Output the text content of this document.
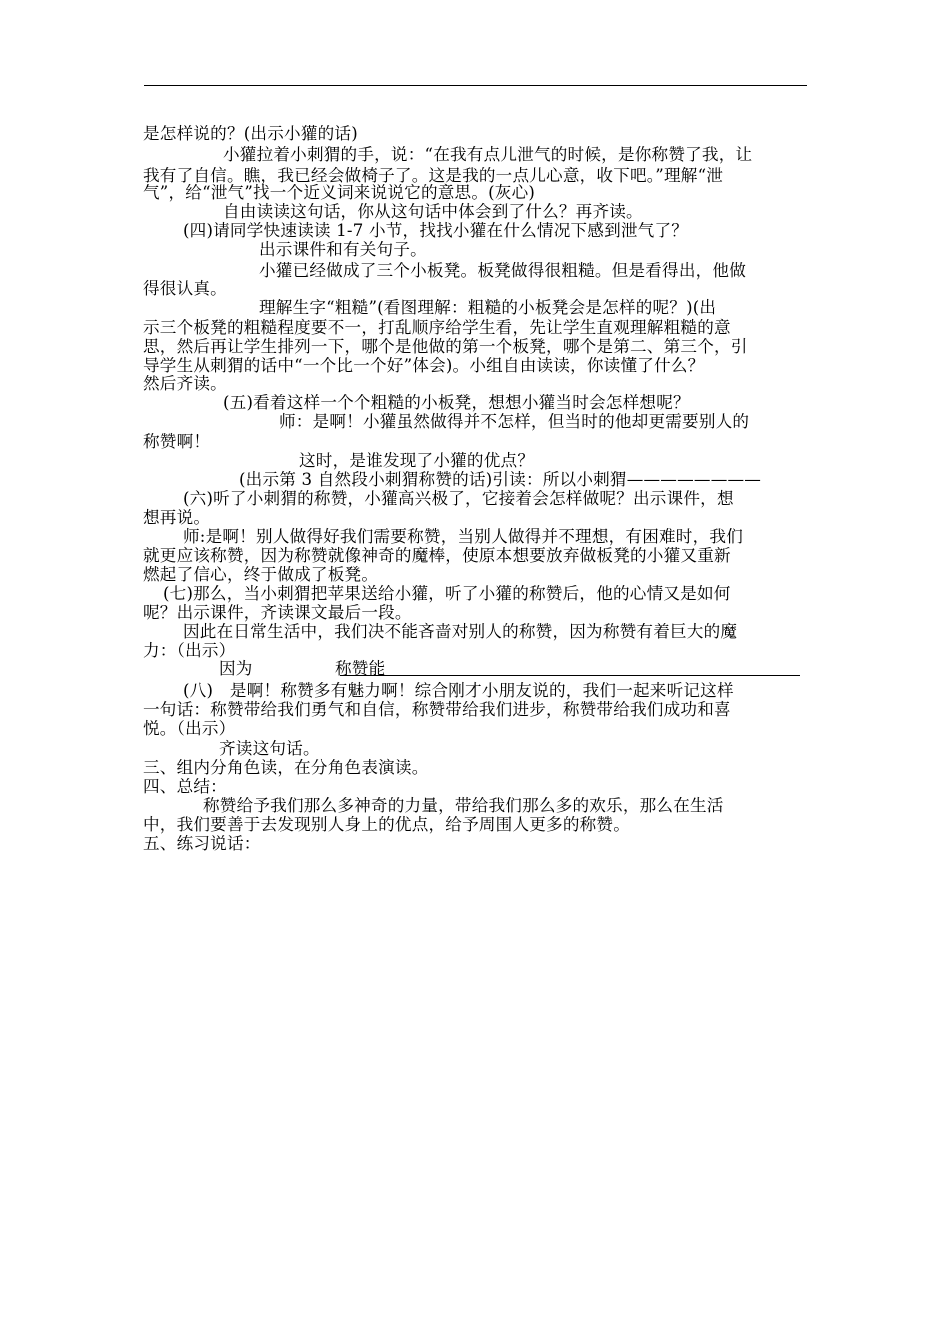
是怎样说的？(出示小獾的话)
小獾拉着小刺猬的手，说：“在我有点儿泄气的时候，是你称赞了我，让
我有了自信。瞧，我已经会做椅子了。这是我的一点儿心意，收下吧。”理解“泄
气”，给“泄气”找一个近义词来说说它的意思。(灰心)
自由读读这句话，你从这句话中体会到了什么？再齐读。
(四)请同学快速读读 1-7 小节，找找小獾在什么情况下感到泄气了？
出示课件和有关句子。
小獾已经做成了三个小板凳。板凳做得很粗糙。但是看得出，他做
得很认真。
理解生字“粗糙”(看图理解：粗糙的小板凳会是怎样的呢？)(出
示三个板凳的粗糙程度要不一，打乱顺序给学生看，先让学生直观理解粗糙的意
思，然后再让学生排列一下，哪个是他做的第一个板凳，哪个是第二、第三个，引
导学生从刺猬的话中“一个比一个好”体会)。小组自由读读，你读懂了什么？
然后齐读。
(五)看着这样一个个粗糙的小板凳，想想小獾当时会怎样想呢？
师：是啊！小獾虽然做得并不怎样，但当时的他却更需要别人的
称赞啊！
这时，是谁发现了小獾的优点？
(出示第 3 自然段小刺猬称赞的话)引读：所以小刺猬————————
(六)听了小刺猬的称赞，小獾高兴极了，它接着会怎样做呢？出示课件，想
想再说。
师:是啊！别人做得好我们需要称赞，当别人做得并不理想，有困难时，我们
就更应该称赞，因为称赞就像神奇的魔棒，使原本想要放弃做板凳的小獾又重新
燃起了信心，终于做成了板凳。
(七)那么，当小刺猬把苹果送给小獾，听了小獾的称赞后，他的心情又是如何
呢？出示课件，齐读课文最后一段。
因此在日常生活中，我们决不能吝啬对别人的称赞，因为称赞有着巨大的魔
力：（出示）
因为	称赞能
(八)　是啊！称赞多有魅力啊！综合刚才小朋友说的，我们一起来听记这样
一句话：称赞带给我们勇气和自信，称赞带给我们进步，称赞带给我们成功和喜
悦。（出示）
齐读这句话。
三、组内分角色读，在分角色表演读。
四、总结：
称赞给予我们那么多神奇的力量，带给我们那么多的欢乐，那么在生活
中，我们要善于去发现别人身上的优点，给予周围人更多的称赞。
五、练习说话：
